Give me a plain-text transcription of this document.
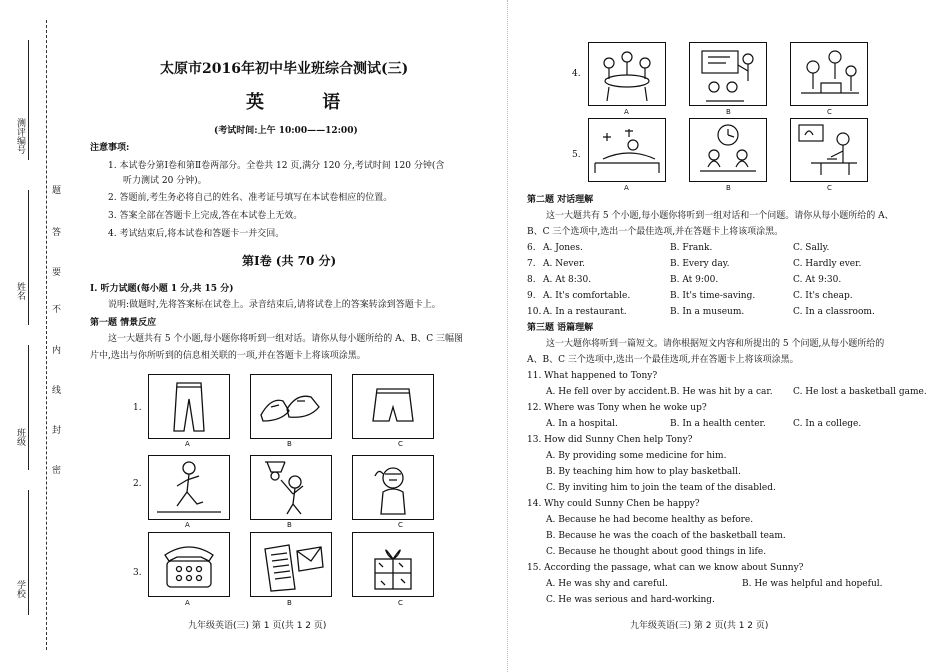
测评编号
姓名
班级
学校
题
答
要
不
内
线
封
密
太原市2016年初中毕业班综合测试(三)
英 语
(考试时间:上午 10:00——12:00)
注意事项:
1. 本试卷分第Ⅰ卷和第Ⅱ卷两部分。全卷共 12 页,满分 120 分,考试时间 120 分钟(含
听力测试 20 分钟)。
2. 答题前,考生务必将自己的姓名、准考证号填写在本试卷相应的位置。
3. 答案全部在答题卡上完成,答在本试卷上无效。
4. 考试结束后,将本试卷和答题卡一并交回。
第Ⅰ卷 (共 70 分)
Ⅰ. 听力试题(每小题 1 分,共 15 分)
说明:做题时,先将答案标在试卷上。录音结束后,请将试卷上的答案转涂到答题卡上。
第一题 情景反应
这一大题共有 5 个小题,每小题你将听到一组对话。请你从每小题所给的 A、B、C 三幅图
片中,选出与你所听到的信息相关联的一项,并在答题卡上将该项涂黑。
1.
A	B	C
2.
A	B	C
3.
A	B	C
九年级英语(三) 第 1 页(共 1 2 页)
4.
A	B	C
5.
A	B	C
第二题 对话理解
这一大题共有 5 个小题,每小题你将听到一组对话和一个问题。请你从每小题所给的 A、
B、C 三个选项中,选出一个最佳选项,并在答题卡上将该项涂黑。
6. A. Jones.	B. Frank.	C. Sally.
7. A. Never.	B. Every day.	C. Hardly ever.
8. A. At 8:30.	B. At 9:00.	C. At 9:30.
9. A. It's comfortable.	B. It's time-saving.	C. It's cheap.
10. A. In a restaurant.	B. In a museum.	C. In a classroom.
第三题 语篇理解
这一大题你将听到一篇短文。请你根据短文内容和所提出的 5 个问题,从每小题所给的
A、B、C 三个选项中,选出一个最佳选项,并在答题卡上将该项涂黑。
11. What happened to Tony?
A. He fell over by accident. B. He was hit by a car. C. He lost a basketball game.
12. Where was Tony when he woke up?
A. In a hospital.	B. In a health center.	C. In a college.
13. How did Sunny Chen help Tony?
A. By providing some medicine for him.
B. By teaching him how to play basketball.
C. By inviting him to join the team of the disabled.
14. Why could Sunny Chen be happy?
A. Because he had become healthy as before.
B. Because he was the coach of the basketball team.
C. Because he thought about good things in life.
15. According the passage, what can we know about Sunny?
A. He was shy and careful.	B. He was helpful and hopeful.
C. He was serious and hard-working.
九年级英语(三) 第 2 页(共 1 2 页)
